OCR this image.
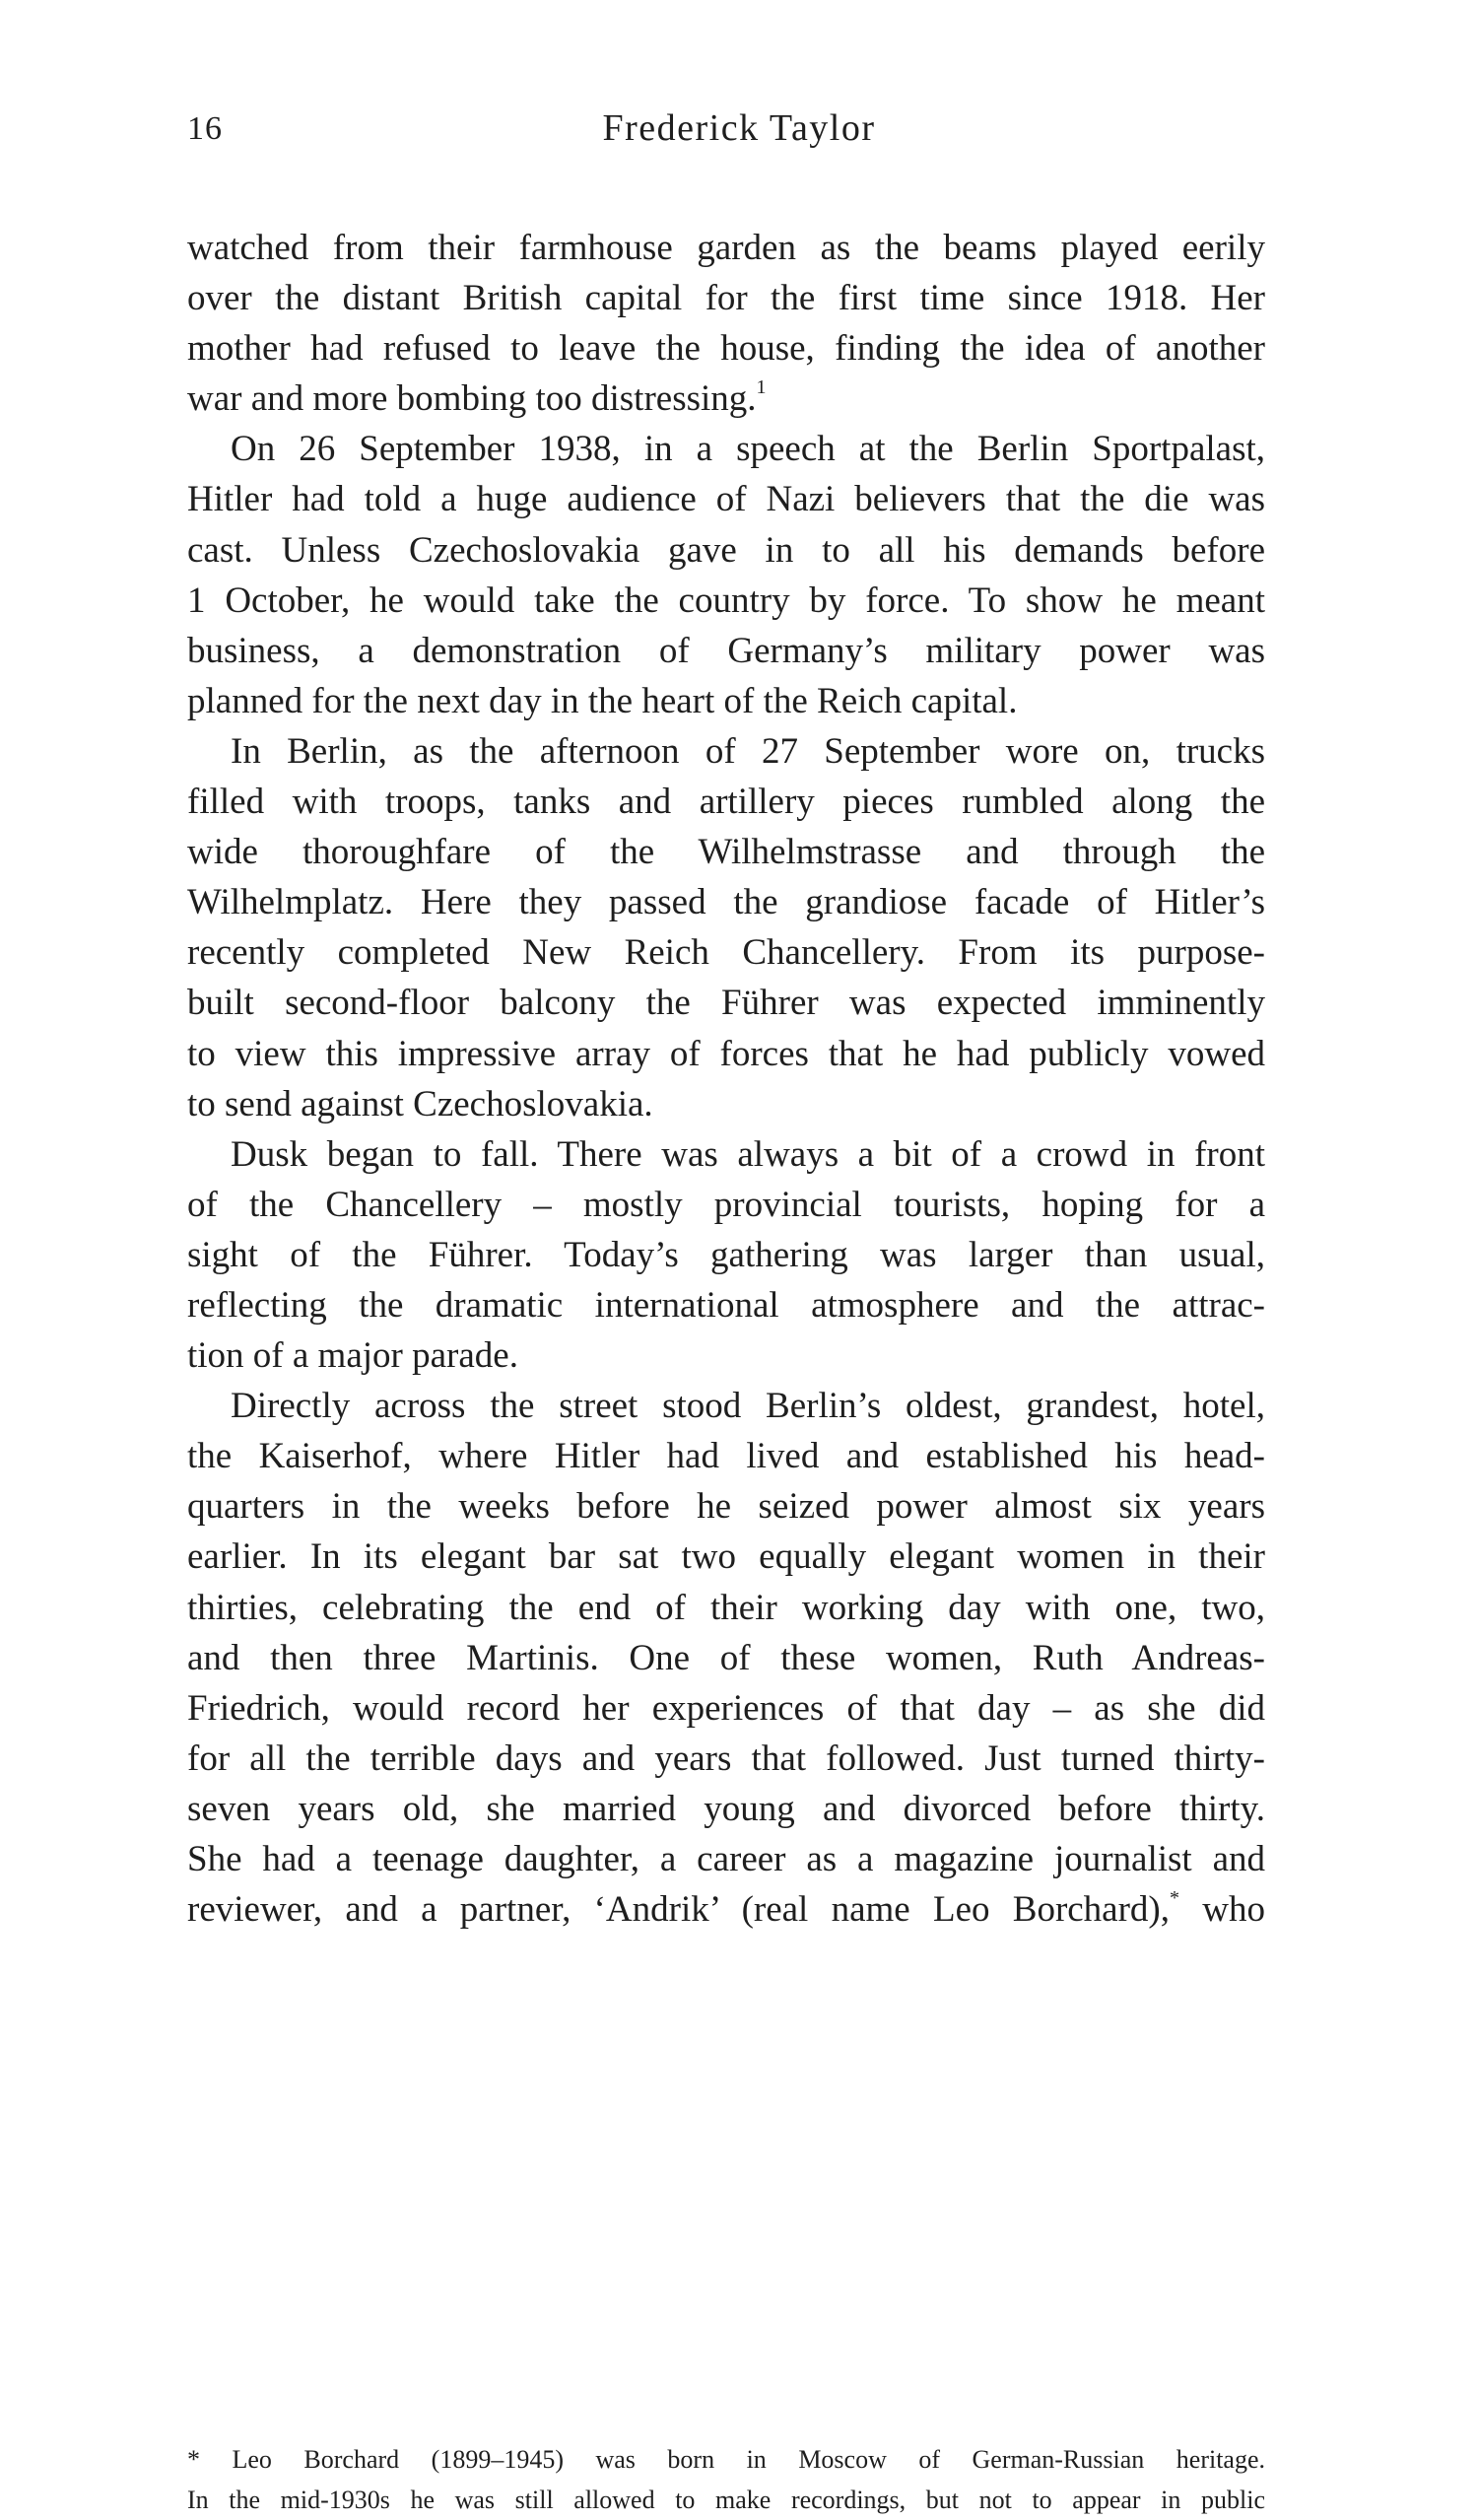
16	Frederick Taylor
watched from their farmhouse garden as the beams played eerily
over the distant British capital for the first time since 1918. Her
mother had refused to leave the house, finding the idea of another
war and more bombing too distressing.$^1$
On 26 September 1938, in a speech at the Berlin Sportpalast,
Hitler had told a huge audience of Nazi believers that the die was
cast. Unless Czechoslovakia gave in to all his demands before
1 October, he would take the country by force. To show he meant
business, a demonstration of Germany’s military power was
planned for the next day in the heart of the Reich capital.
In Berlin, as the afternoon of 27 September wore on, trucks
filled with troops, tanks and artillery pieces rumbled along the
wide thoroughfare of the Wilhelmstrasse and through the
Wilhelmplatz. Here they passed the grandiose facade of Hitler’s
recently completed New Reich Chancellery. From its purpose-
built second-floor balcony the Führer was expected imminently
to view this impressive array of forces that he had publicly vowed
to send against Czechoslovakia.
Dusk began to fall. There was always a bit of a crowd in front
of the Chancellery – mostly provincial tourists, hoping for a
sight of the Führer. Today’s gathering was larger than usual,
reflecting the dramatic international atmosphere and the attrac-
tion of a major parade.
Directly across the street stood Berlin’s oldest, grandest, hotel,
the Kaiserhof, where Hitler had lived and established his head-
quarters in the weeks before he seized power almost six years
earlier. In its elegant bar sat two equally elegant women in their
thirties, celebrating the end of their working day with one, two,
and then three Martinis. One of these women, Ruth Andreas-
Friedrich, would record her experiences of that day – as she did
for all the terrible days and years that followed. Just turned thirty-
seven years old, she married young and divorced before thirty.
She had a teenage daughter, a career as a magazine journalist and
reviewer, and a partner, ‘Andrik’ (real name Leo Borchard),* who
* Leo Borchard (1899–1945) was born in Moscow of German-Russian heritage.
In the mid-1930s he was still allowed to make recordings, but not to appear in public
